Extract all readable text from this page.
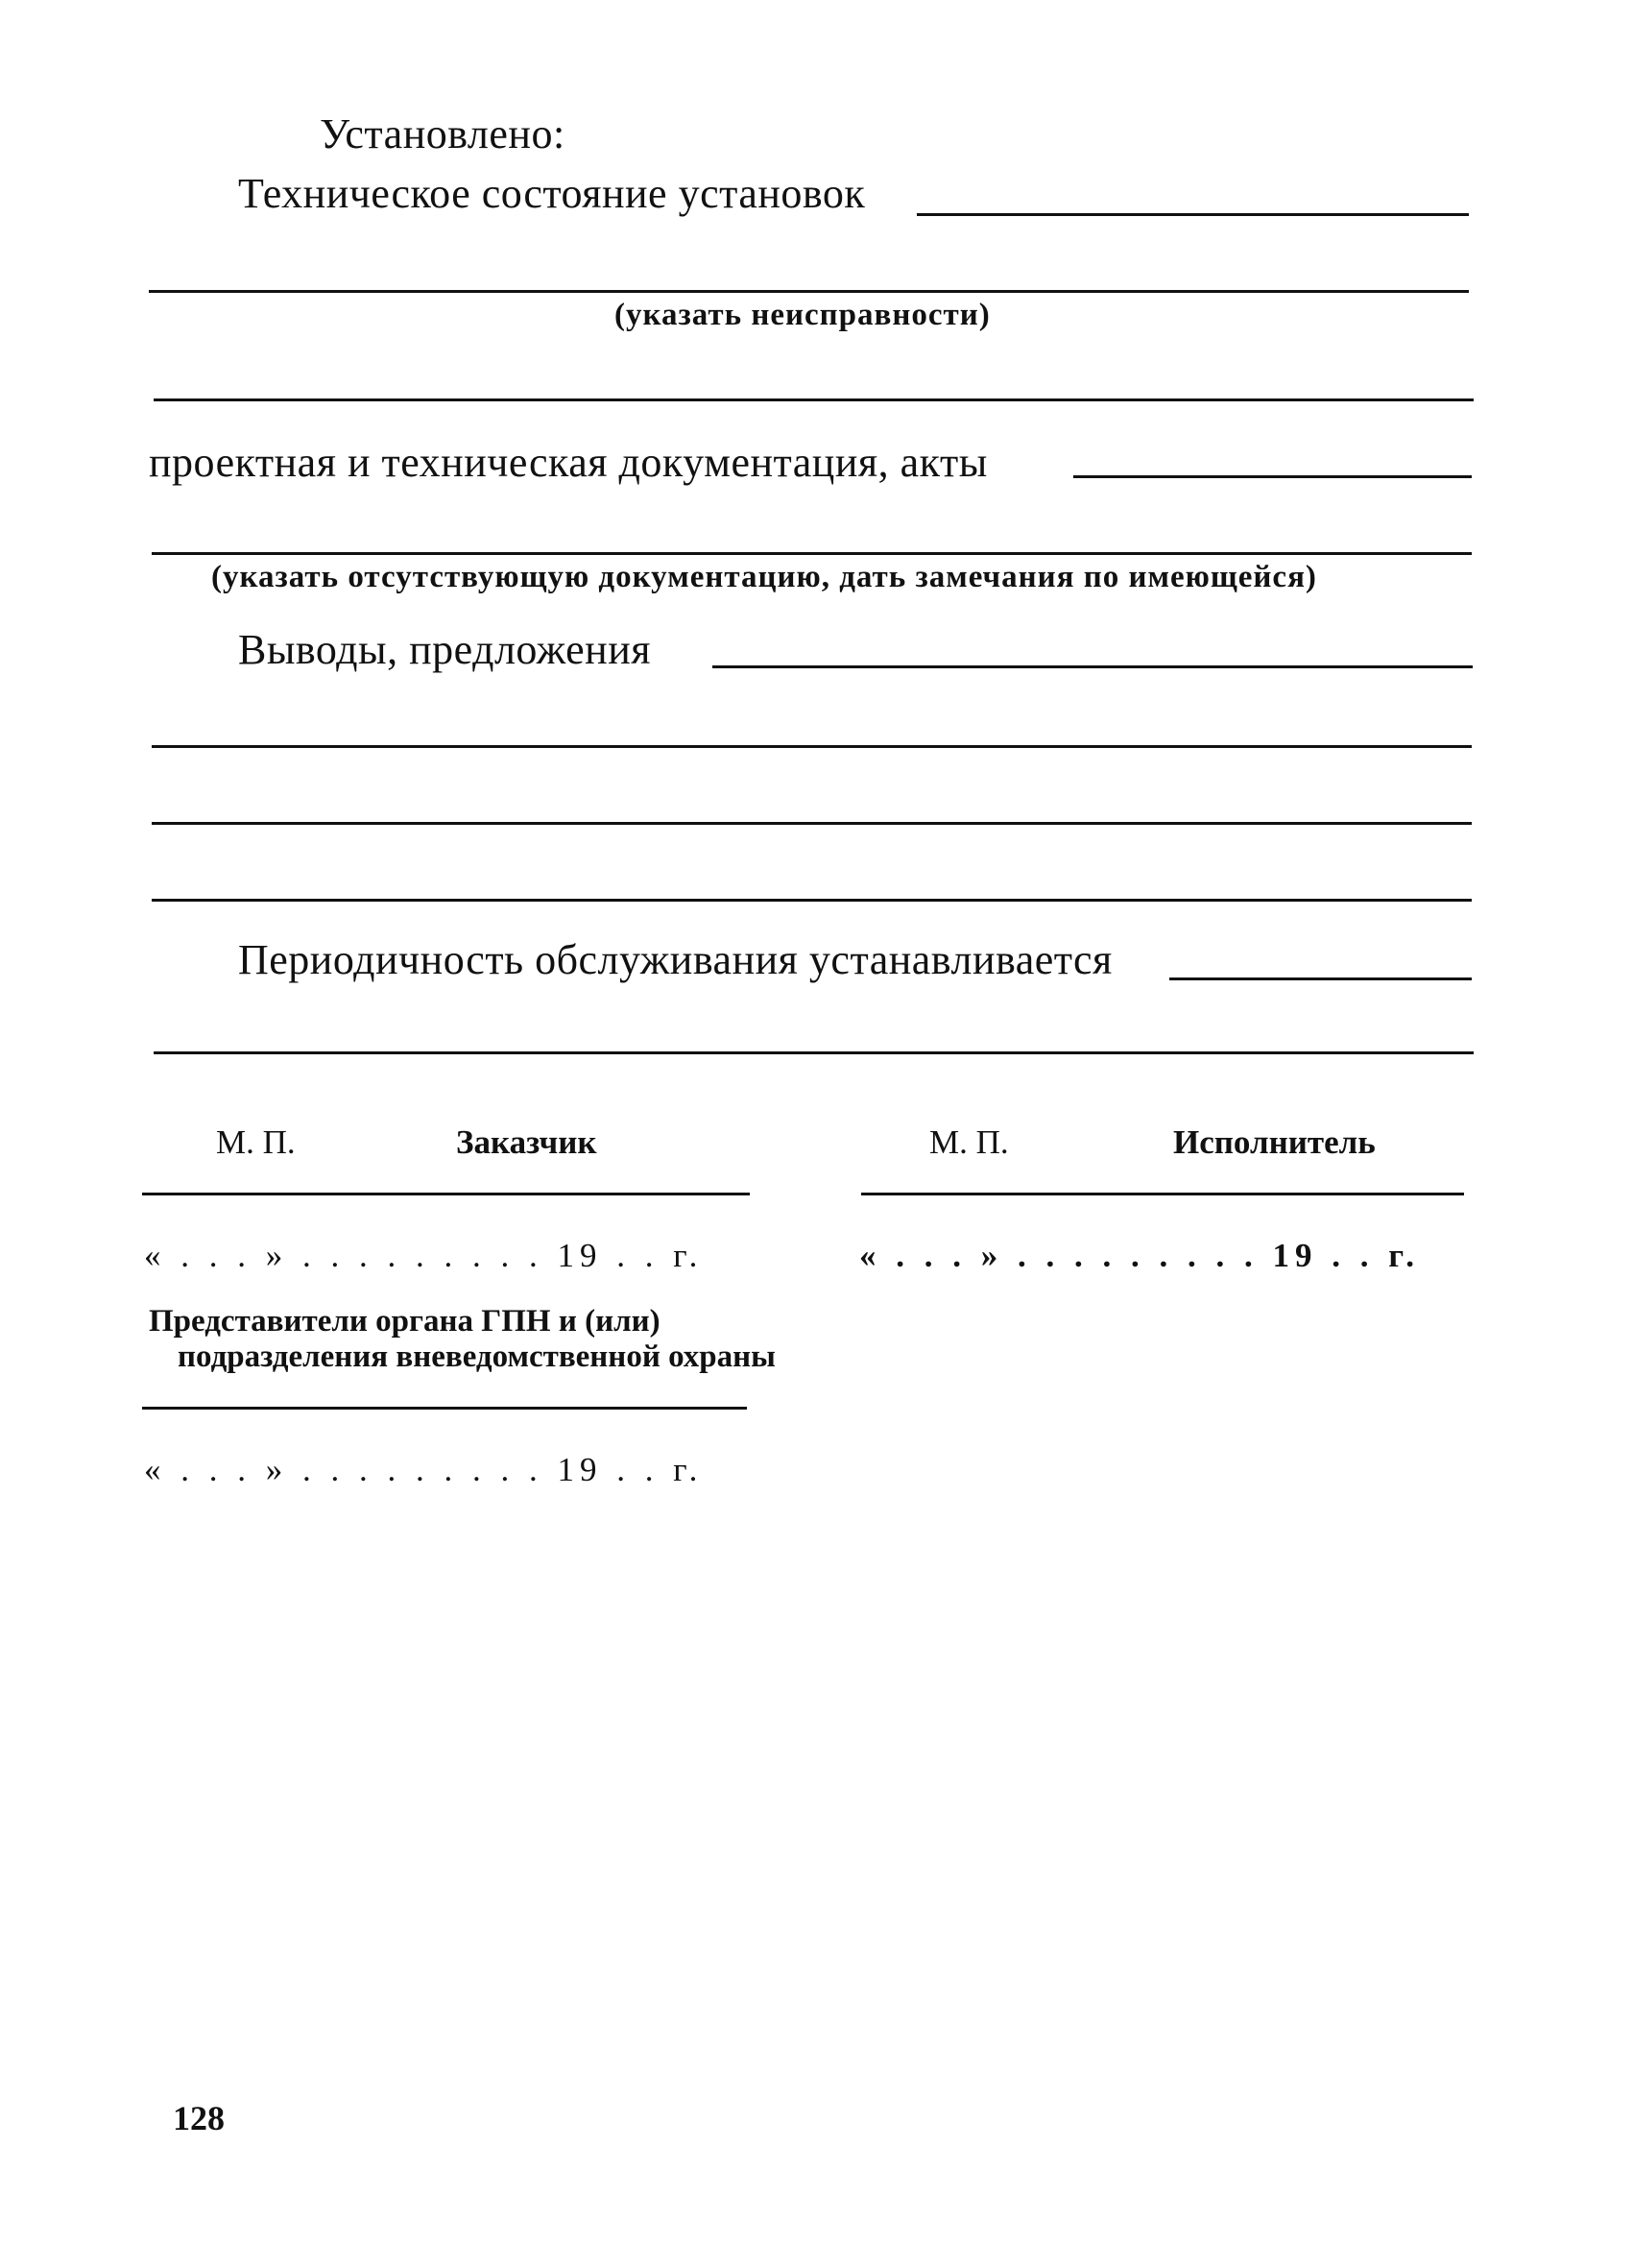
Установлено:
Техническое состояние установок
(указать неисправности)
проектная и техническая документация, акты
(указать отсутствующую документацию, дать замечания по имеющейся)
Выводы, предложения
Периодичность обслуживания устанавливается
М. П.	Заказчик
« . . . » . . . . . . . . . 19 . . г.
М. П.	Исполнитель
« . . . » . . . . . . . . . 19 . . г.
Представители органа ГПН и (или)
подразделения вневедомственной охраны
« . . . » . . . . . . . . . 19 . . г.
128
